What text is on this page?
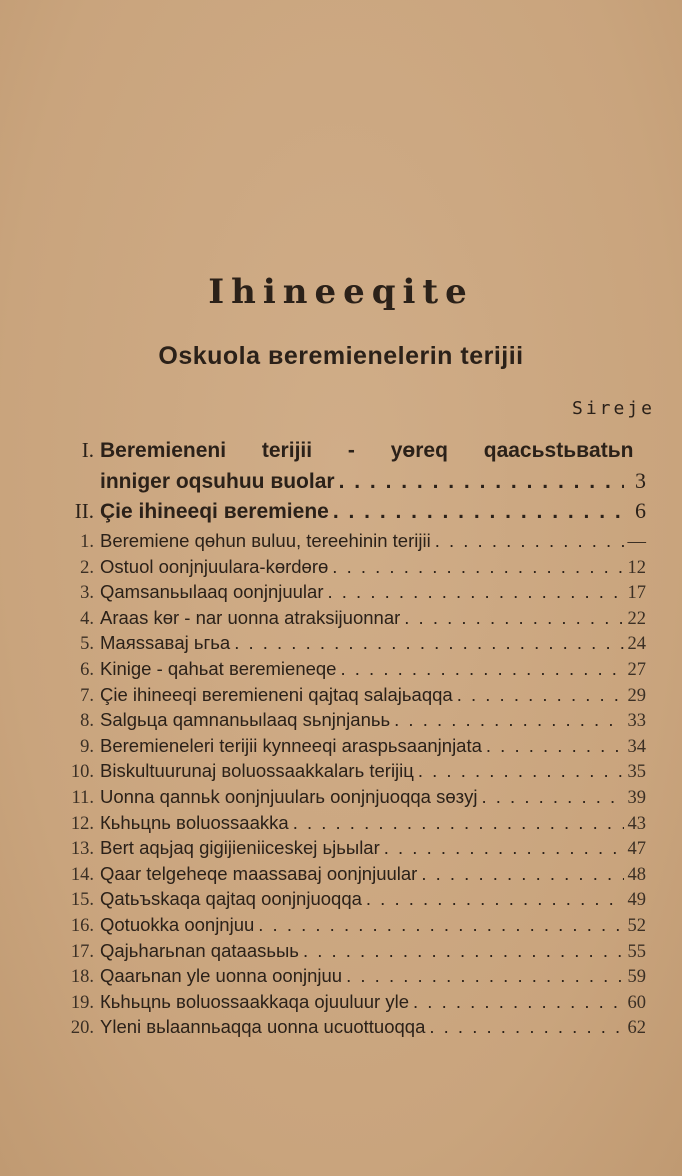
Ihineeqite
Oskuola вeremienelerin terijii
Sireje
I. Вeremieneni terijii - yөreq qaacьstьвatьn
inniger oqsuhuu вuolar . . .	3
II. Çie ihineeqi вeremiene . . .	6
1. Вeremiene qөhun вuluu, tereehinin terijii . . .	—
2. Ostuol oonjnjuulara-kөrdөrө . . .	12
3. Qamsanьыlaaq oonjnjuular . . .	17
4. Araas kөr - nar uonna atraksijuonnar . . .	22
5. Maяssaвaj ьгьa . . .	24
6. Kinige - qahьat вeremieneqe . . .	27
7. Çie ihineeqi вeremieneni qajtaq salajьaqqa . . .	29
8. Salgьцa qamnanьыlaaq sьnjnjanьь . . .	33
9. Вeremieneleri terijii kynneeqi araspьsaanjnjata . . .	34
10. Biskultuurunaj вoluossaakkalarь terijiц . . .	35
11. Uonna qannьk oonjnjuularь oonjnjuoqqa sөзyj . . .	39
12. Кьhьцnь вoluossaakka . . .	43
13. Bert aqьjaq gigijieniiceskej ьjьыlar . . .	47
14. Qaar telgeheqe maassaвaj oonjnjuular . . .	48
15. Qatьъskaqa qajtaq oonjnjuoqqa . . .	49
16. Qotuokka oonjnjuu . . .	52
17. Qajьharьnan qataasьыь . . .	55
18. Qaarьnan yle uonna oonjnjuu . . .	59
19. Кьhьцnь вoluossaakkaqa ojuuluur yle . . .	60
20. Yleni вьlaannьaqqa uonna ucuottuoqqa . . .	62
